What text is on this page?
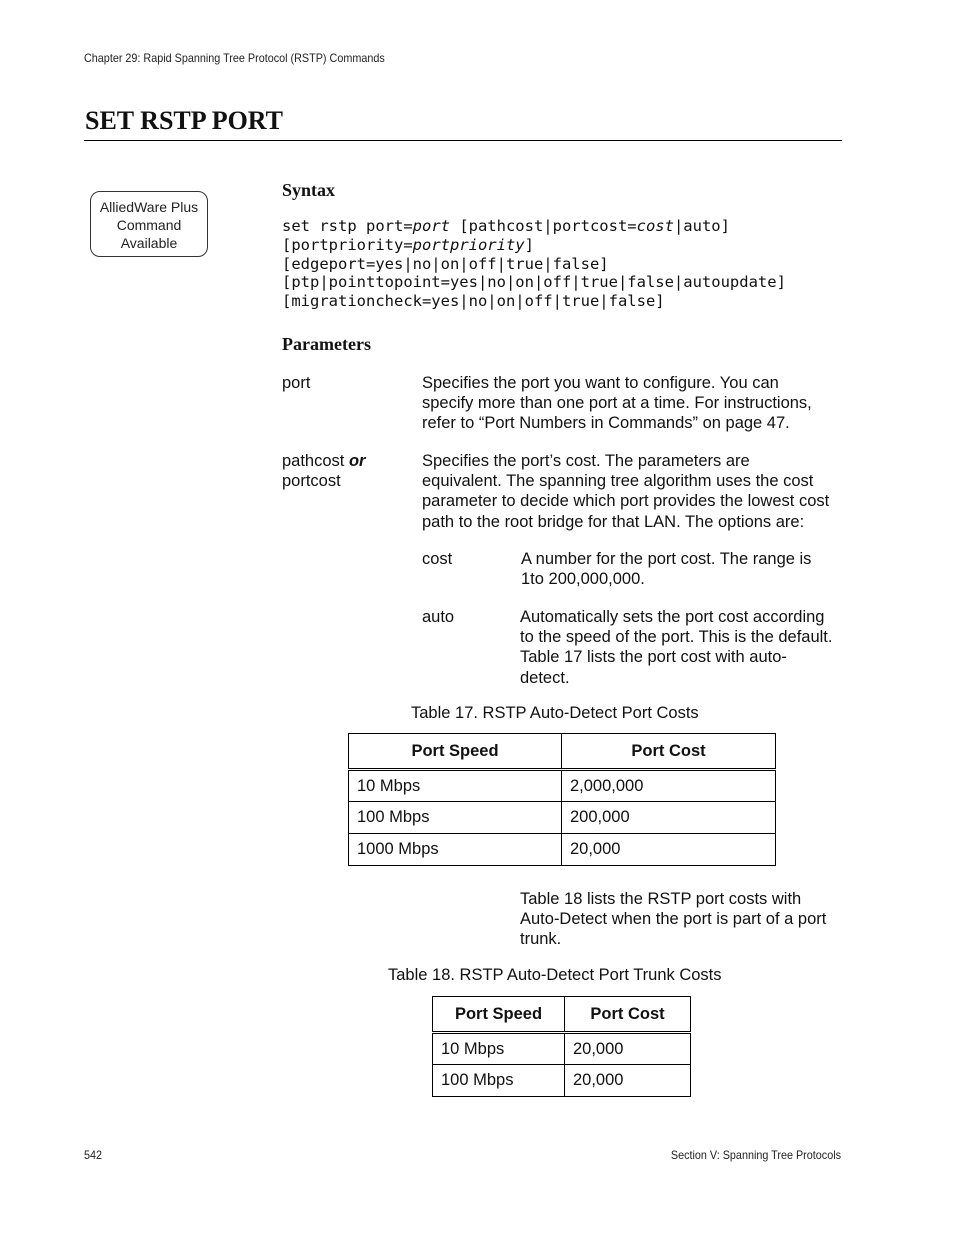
Chapter 29: Rapid Spanning Tree Protocol (RSTP) Commands
SET RSTP PORT
AlliedWare Plus
Command
Available
Syntax
set rstp port=port [pathcost|portcost=cost|auto]
[portpriority=portpriority]
[edgeport=yes|no|on|off|true|false]
[ptp|pointtopoint=yes|no|on|off|true|false|autoupdate]
[migrationcheck=yes|no|on|off|true|false]
Parameters
port	Specifies the port you want to configure. You can
specify more than one port at a time. For instructions,
refer to “Port Numbers in Commands” on page 47.
pathcost or
portcost
Specifies the port’s cost. The parameters are
equivalent. The spanning tree algorithm uses the cost
parameter to decide which port provides the lowest cost
path to the root bridge for that LAN. The options are:
cost	A number for the port cost. The range is
1to 200,000,000.
auto	Automatically sets the port cost according
to the speed of the port. This is the default.
Table 17 lists the port cost with auto-
detect.
Table 17. RSTP Auto-Detect Port Costs
Port Speed	Port Cost
10 Mbps	2,000,000
100 Mbps	200,000
1000 Mbps	20,000
Table 18 lists the RSTP port costs with
Auto-Detect when the port is part of a port
trunk.
Table 18. RSTP Auto-Detect Port Trunk Costs
Port Speed	Port Cost
10 Mbps	20,000
100 Mbps	20,000
542	Section V: Spanning Tree Protocols
